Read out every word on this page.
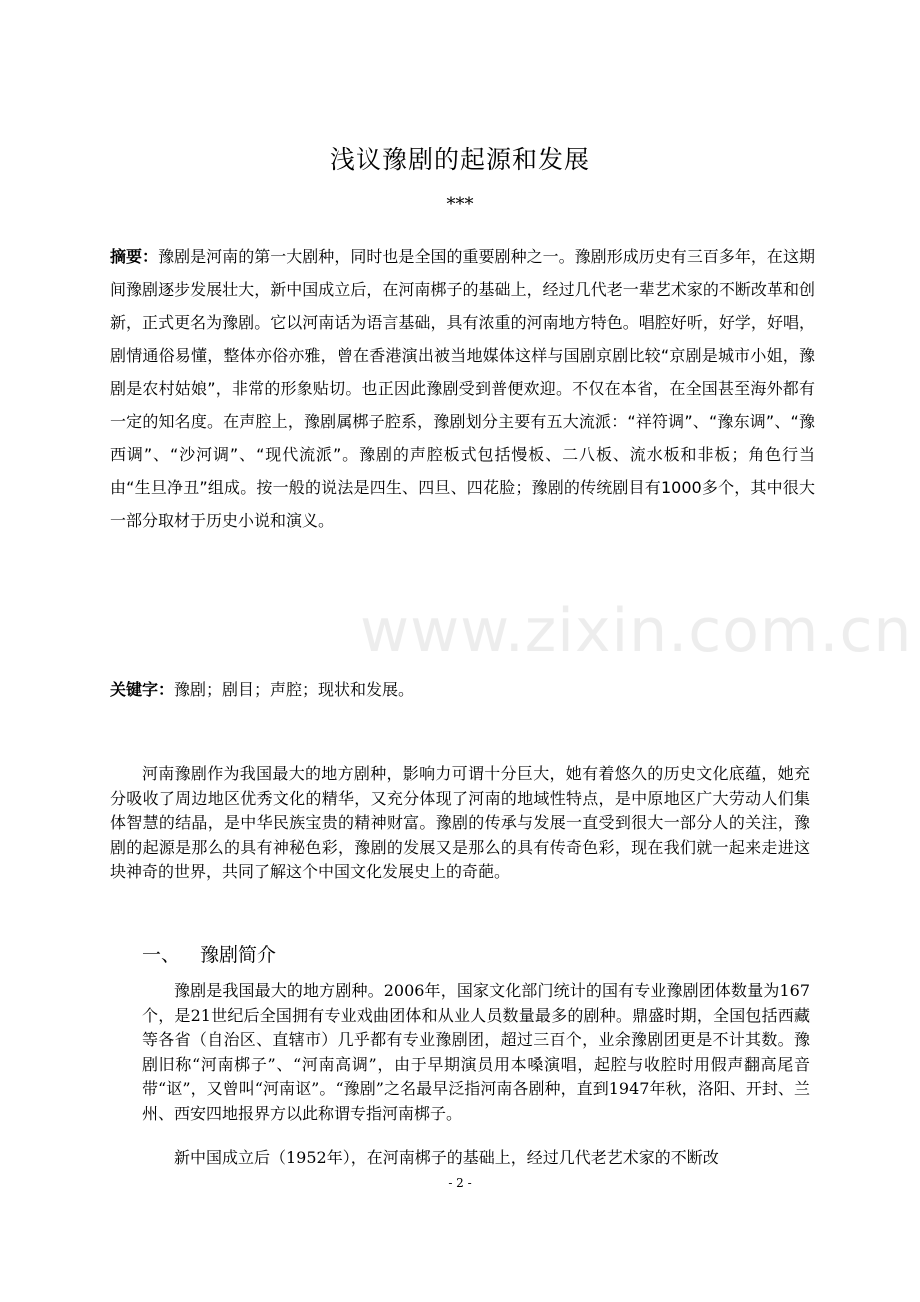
www.zixin.com.cn
浅议豫剧的起源和发展
***
摘要：豫剧是河南的第一大剧种，同时也是全国的重要剧种之一。豫剧形成历史有三百多年，在这期间豫剧逐步发展壮大，新中国成立后，在河南梆子的基础上，经过几代老一辈艺术家的不断改革和创新，正式更名为豫剧。它以河南话为语言基础，具有浓重的河南地方特色。唱腔好听，好学，好唱，剧情通俗易懂，整体亦俗亦雅，曾在香港演出被当地媒体这样与国剧京剧比较“京剧是城市小姐，豫剧是农村姑娘”，非常的形象贴切。也正因此豫剧受到普便欢迎。不仅在本省，在全国甚至海外都有一定的知名度。在声腔上，豫剧属梆子腔系，豫剧划分主要有五大流派：“祥符调”、“豫东调”、“豫西调”、“沙河调”、“现代流派”。豫剧的声腔板式包括慢板、二八板、流水板和非板；角色行当　由“生旦净丑”组成。按一般的说法是四生、四旦、四花脸；豫剧的传统剧目有1000多个，其中很大一部分取材于历史小说和演义。
关键字：豫剧；剧目；声腔；现状和发展。
河南豫剧作为我国最大的地方剧种，影响力可谓十分巨大，她有着悠久的历史文化底蕴，她充分吸收了周边地区优秀文化的精华，又充分体现了河南的地域性特点，是中原地区广大劳动人们集体智慧的结晶，是中华民族宝贵的精神财富。豫剧的传承与发展一直受到很大一部分人的关注，豫剧的起源是那么的具有神秘色彩，豫剧的发展又是那么的具有传奇色彩，现在我们就一起来走进这块神奇的世界，共同了解这个中国文化发展史上的奇葩。
一、 豫剧简介
豫剧是我国最大的地方剧种。2006年，国家文化部门统计的国有专业豫剧团体数量为167个，是21世纪后全国拥有专业戏曲团体和从业人员数量最多的剧种。鼎盛时期，全国包括西藏等各省（自治区、直辖市）几乎都有专业豫剧团，超过三百个，业余豫剧团更是不计其数。豫剧旧称“河南梆子”、“河南高调”，由于早期演员用本嗓演唱，起腔与收腔时用假声翻高尾音带“讴”，又曾叫“河南讴”。“豫剧”之名最早泛指河南各剧种，直到1947年秋，洛阳、开封、兰州、西安四地报界方以此称谓专指河南梆子。
新中国成立后（1952年），在河南梆子的基础上，经过几代老艺术家的不断改
- 2 -
